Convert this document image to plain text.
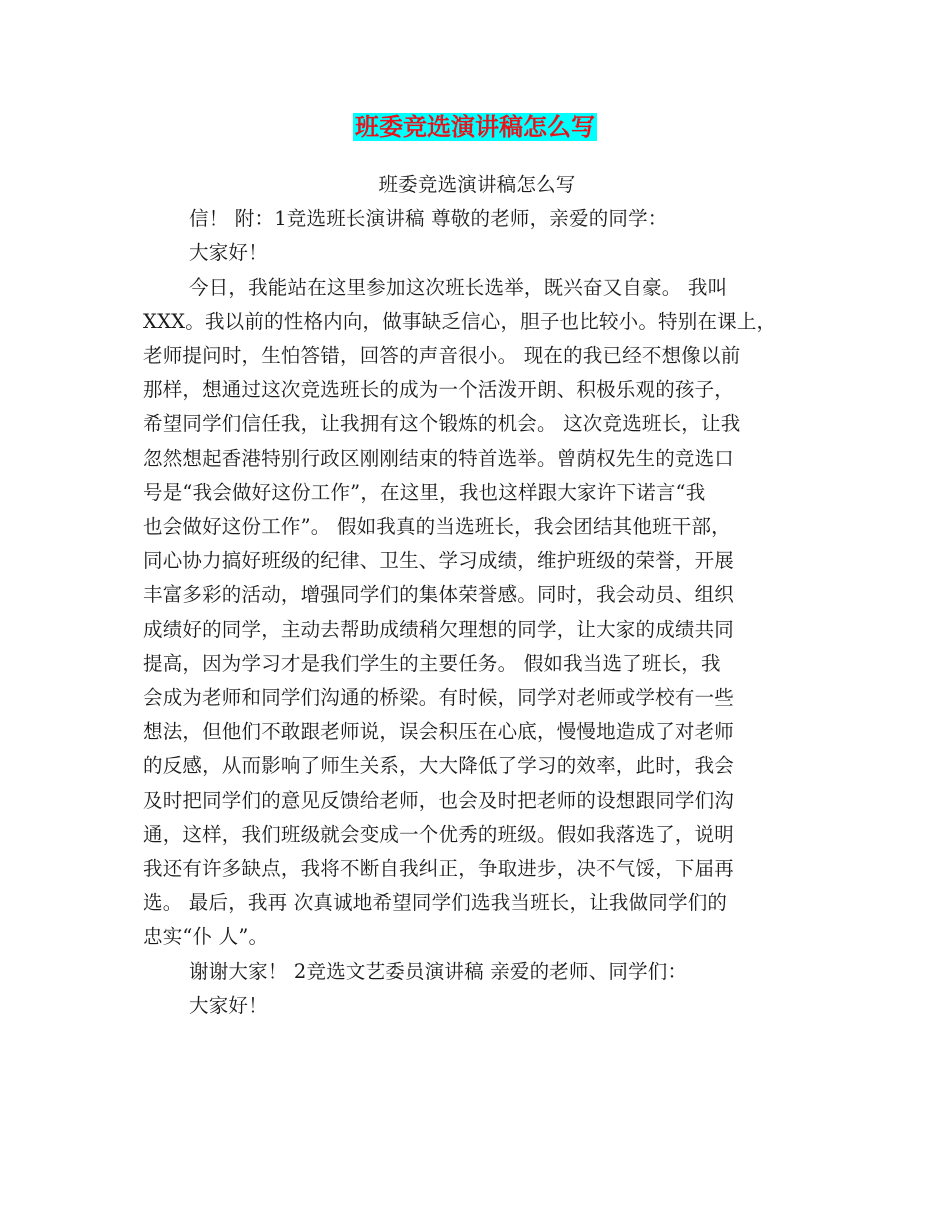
班委竞选演讲稿怎么写

班委竞选演讲稿怎么写

信！ 附：1竞选班长演讲稿 尊敬的老师，亲爱的同学：

大家好！

今日，我能站在这里参加这次班长选举，既兴奋又自豪。 我叫

XXX。我以前的性格内向，做事缺乏信心，胆子也比较小。特别在课上，

老师提问时，生怕答错，回答的声音很小。 现在的我已经不想像以前

那样，想通过这次竞选班长的成为一个活泼开朗、积极乐观的孩子，

希望同学们信任我，让我拥有这个锻炼的机会。 这次竞选班长，让我

忽然想起香港特别行政区刚刚结束的特首选举。曾荫权先生的竞选口

号是“我会做好这份工作”，在这里，我也这样跟大家许下诺言“我

也会做好这份工作”。 假如我真的当选班长，我会团结其他班干部，

同心协力搞好班级的纪律、卫生、学习成绩，维护班级的荣誉，开展

丰富多彩的活动，增强同学们的集体荣誉感。同时，我会动员、组织

成绩好的同学，主动去帮助成绩稍欠理想的同学，让大家的成绩共同

提高，因为学习才是我们学生的主要任务。 假如我当选了班长，我

会成为老师和同学们沟通的桥梁。有时候，同学对老师或学校有一些

想法，但他们不敢跟老师说，误会积压在心底，慢慢地造成了对老师

的反感，从而影响了师生关系，大大降低了学习的效率，此时，我会

及时把同学们的意见反馈给老师，也会及时把老师的设想跟同学们沟

通，这样，我们班级就会变成一个优秀的班级。假如我落选了，说明

我还有许多缺点，我将不断自我纠正，争取进步，决不气馁，下届再

选。 最后，我再 次真诚地希望同学们选我当班长，让我做同学们的

忠实“仆 人”。

谢谢大家！ 2竞选文艺委员演讲稿 亲爱的老师、同学们：

大家好！
